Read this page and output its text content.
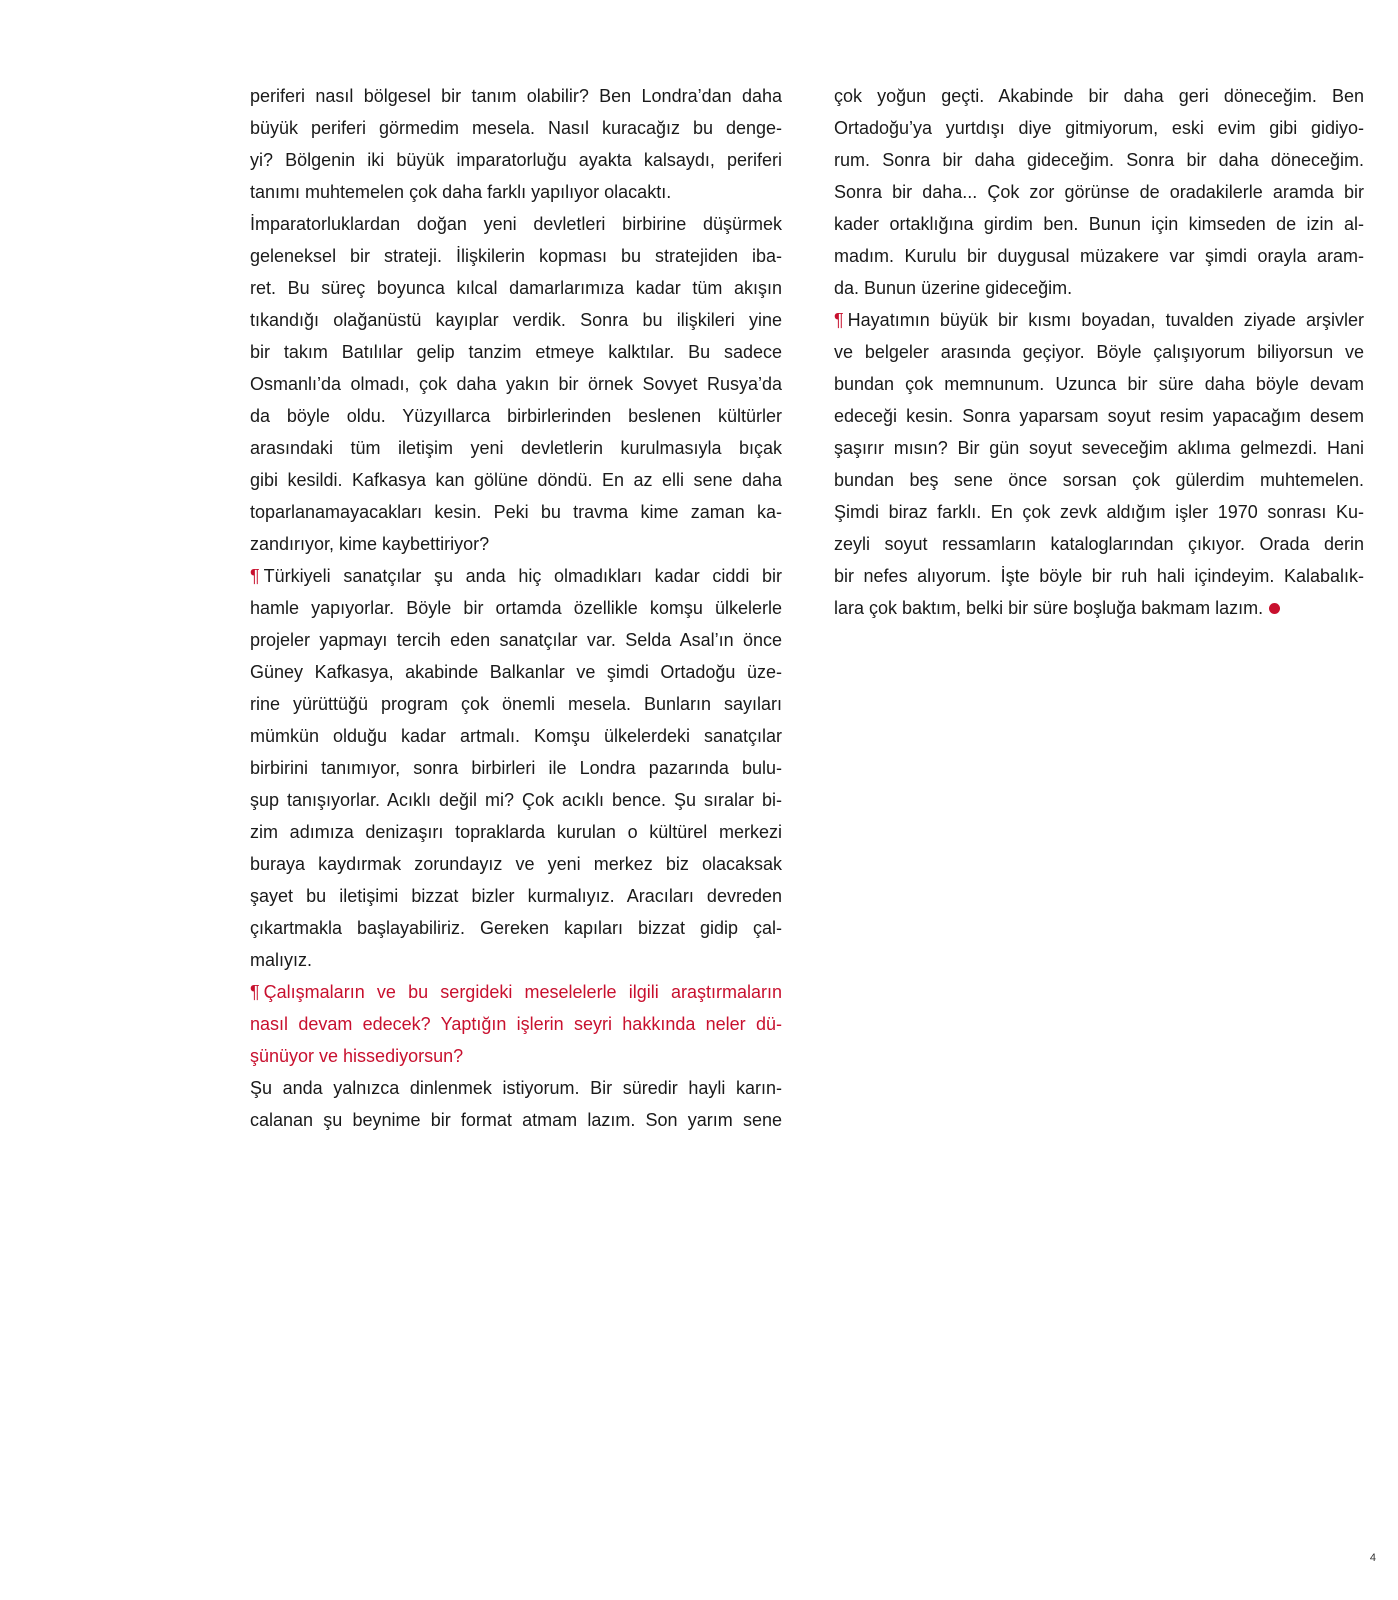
periferi nasıl bölgesel bir tanım olabilir? Ben Londra’dan daha
büyük periferi görmedim mesela. Nasıl kuracağız bu denge-
yi? Bölgenin iki büyük imparatorluğu ayakta kalsaydı, periferi
tanımı muhtemelen çok daha farklı yapılıyor olacaktı.
İmparatorluklardan doğan yeni devletleri birbirine düşürmek
geleneksel bir strateji. İlişkilerin kopması bu stratejiden iba-
ret. Bu süreç boyunca kılcal damarlarımıza kadar tüm akışın
tıkandığı olağanüstü kayıplar verdik. Sonra bu ilişkileri yine
bir takım Batılılar gelip tanzim etmeye kalktılar. Bu sadece
Osmanlı’da olmadı, çok daha yakın bir örnek Sovyet Rusya’da
da böyle oldu. Yüzyıllarca birbirlerinden beslenen kültürler
arasındaki tüm iletişim yeni devletlerin kurulmasıyla bıçak
gibi kesildi. Kafkasya kan gölüne döndü. En az elli sene daha
toparlanamayacakları kesin. Peki bu travma kime zaman ka-
zandırıyor, kime kaybettiriyor?
¶ Türkiyeli sanatçılar şu anda hiç olmadıkları kadar ciddi bir
hamle yapıyorlar. Böyle bir ortamda özellikle komşu ülkelerle
projeler yapmayı tercih eden sanatçılar var. Selda Asal’ın önce
Güney Kafkasya, akabinde Balkanlar ve şimdi Ortadoğu üze-
rine yürüttüğü program çok önemli mesela. Bunların sayıları
mümkün olduğu kadar artmalı. Komşu ülkelerdeki sanatçılar
birbirini tanımıyor, sonra birbirleri ile Londra pazarında bulu-
şup tanışıyorlar. Acıklı değil mi? Çok acıklı bence. Şu sıralar bi-
zim adımıza denizaşırı topraklarda kurulan o kültürel merkezi
buraya kaydırmak zorundayız ve yeni merkez biz olacaksak
şayet bu iletişimi bizzat bizler kurmalıyız. Aracıları devreden
çıkartmakla başlayabiliriz. Gereken kapıları bizzat gidip çal-
malıyız.
¶ Çalışmaların ve bu sergideki meselelerle ilgili araştırmaların
nasıl devam edecek? Yaptığın işlerin seyri hakkında neler dü-
şünüyor ve hissediyorsun?
Şu anda yalnızca dinlenmek istiyorum. Bir süredir hayli karın-
calanan şu beynime bir format atmam lazım. Son yarım sene
çok yoğun geçti. Akabinde bir daha geri döneceğim. Ben
Ortadoğu’ya yurtdışı diye gitmiyorum, eski evim gibi gidiyo-
rum. Sonra bir daha gideceğim. Sonra bir daha döneceğim.
Sonra bir daha... Çok zor görünse de oradakilerle aramda bir
kader ortaklığına girdim ben. Bunun için kimseden de izin al-
madım. Kurulu bir duygusal müzakere var şimdi orayla aram-
da. Bunun üzerine gideceğim.
¶ Hayatımın büyük bir kısmı boyadan, tuvalden ziyade arşivler
ve belgeler arasında geçiyor. Böyle çalışıyorum biliyorsun ve
bundan çok memnunum. Uzunca bir süre daha böyle devam
edeceği kesin. Sonra yaparsam soyut resim yapacağım desem
şaşırır mısın? Bir gün soyut seveceğim aklıma gelmezdi. Hani
bundan beş sene önce sorsan çok gülerdim muhtemelen.
Şimdi biraz farklı. En çok zevk aldığım işler 1970 sonrası Ku-
zeyli soyut ressamların kataloglarından çıkıyor. Orada derin
bir nefes alıyorum. İşte böyle bir ruh hali içindeyim. Kalabalık-
lara çok baktım, belki bir süre boşluğa bakmam lazım.
4
